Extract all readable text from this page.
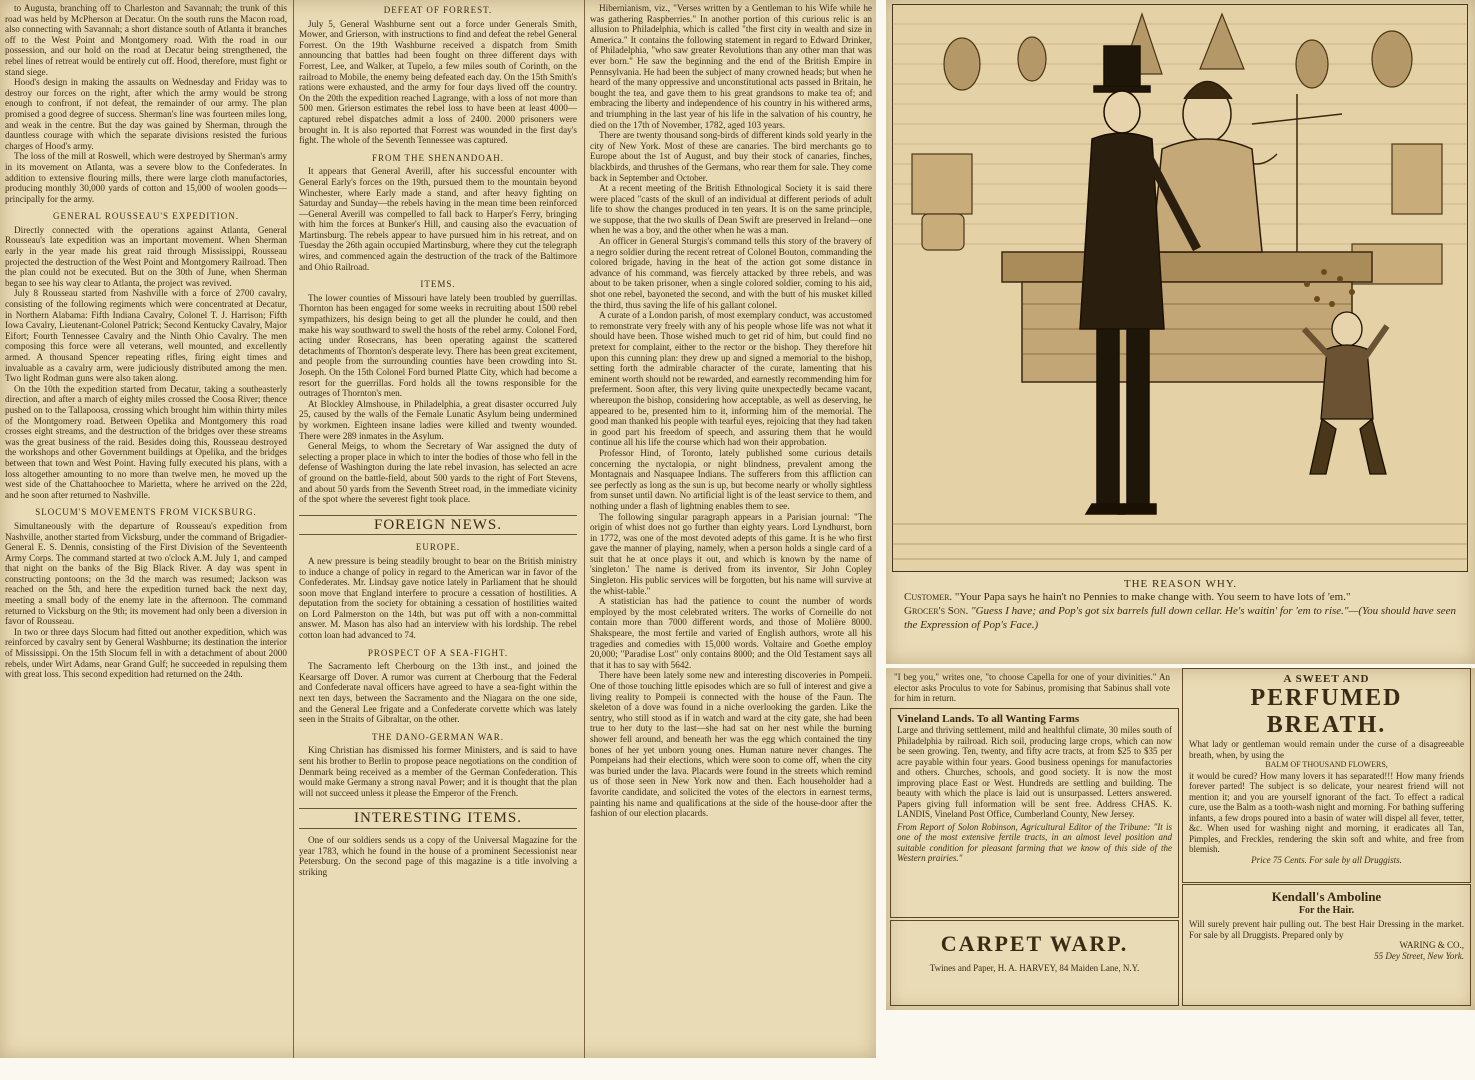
to Augusta, branching off to Charleston and Savannah; the trunk of this road was held by McPherson at Decatur. On the south runs the Macon road, also connecting with Savannah; a short distance south of Atlanta it branches off to the West Point and Montgomery road. With the road in our possession, and our hold on the road at Decatur being strengthened, the rebel lines of retreat would be entirely cut off. Hood, therefore, must fight or stand siege.

Hood's design in making the assaults on Wednesday and Friday was to destroy our forces on the right, after which the army would be strong enough to confront, if not defeat, the remainder of our army. The plan promised a good degree of success. Sherman's line was fourteen miles long, and weak in the centre. But the day was gained by Sherman, through the dauntless courage with which the separate divisions resisted the furious charges of Hood's army.

The loss of the mill at Roswell, which were destroyed by Sherman's army in its movement on Atlanta, was a severe blow to the Confederates. In addition to extensive flouring mills, there were large cloth manufactories, producing monthly 30,000 yards of cotton and 15,000 of woolen goods—principally for the army.

GENERAL ROUSSEAU'S EXPEDITION.

Directly connected with the operations against Atlanta, General Rousseau's late expedition was an important movement. When Sherman early in the year made his great raid through Mississippi, Rousseau projected the destruction of the West Point and Montgomery Railroad. Then the plan could not be executed. But on the 30th of June, when Sherman began to see his way clear to Atlanta, the project was revived.

July 8 Rousseau started from Nashville with a force of 2700 cavalry, consisting of the following regiments which were concentrated at Decatur, in Northern Alabama: Fifth Indiana Cavalry, Colonel T. J. Harrison; Fifth Iowa Cavalry, Lieutenant-Colonel Patrick; Second Kentucky Cavalry, Major Eifort; Fourth Tennessee Cavalry and the Ninth Ohio Cavalry. The men composing this force were all veterans, well mounted, and excellently armed. A thousand Spencer repeating rifles, firing eight times and invaluable as a cavalry arm, were judiciously distributed among the men. Two light Rodman guns were also taken along.

On the 10th the expedition started from Decatur, taking a southeasterly direction, and after a march of eighty miles crossed the Coosa River; thence pushed on to the Tallapoosa, crossing which brought him within thirty miles of the Montgomery road. Between Opelika and Montgomery this road crosses eight streams, and the destruction of the bridges over these streams was the great business of the raid. Besides doing this, Rousseau destroyed the workshops and other Government buildings at Opelika, and the bridges between that town and West Point. Having fully executed his plans, with a loss altogether amounting to no more than twelve men, he moved up the west side of the Chattahoochee to Marietta, where he arrived on the 22d, and he soon after returned to Nashville.

SLOCUM'S MOVEMENTS FROM VICKSBURG.

Simultaneously with the departure of Rousseau's expedition from Nashville, another started from Vicksburg, under the command of Brigadier-General E. S. Dennis, consisting of the First Division of the Seventeenth Army Corps. The command started at two o'clock A.M. July 1, and camped that night on the banks of the Big Black River. A day was spent in constructing pontoons; on the 3d the march was resumed; Jackson was reached on the 5th, and here the expedition turned back the next day, meeting a small body of the enemy late in the afternoon. The command returned to Vicksburg on the 9th; its movement had only been a diversion in favor of Rousseau.

In two or three days Slocum had fitted out another expedition, which was reinforced by cavalry sent by General Washburne; its destination the interior of Mississippi. On the 15th Slocum fell in with a detachment of about 2000 rebels, under Wirt Adams, near Grand Gulf; he succeeded in repulsing them with great loss. This second expedition had returned on the 24th.

DEFEAT OF FORREST.

July 5, General Washburne sent out a force under Generals Smith, Mower, and Grierson, with instructions to find and defeat the rebel General Forrest. On the 19th Washburne received a dispatch from Smith announcing that battles had been fought on three different days with Forrest, Lee, and Walker, at Tupelo, a few miles south of Corinth, on the railroad to Mobile, the enemy being defeated each day. On the 15th Smith's rations were exhausted, and the army for four days lived off the country. On the 20th the expedition reached Lagrange, with a loss of not more than 500 men. Grierson estimates the rebel loss to have been at least 4000—captured rebel dispatches admit a loss of 2400. 2000 prisoners were brought in. It is also reported that Forrest was wounded in the first day's fight. The whole of the Seventh Tennessee was captured.

FROM THE SHENANDOAH.

It appears that General Averill, after his successful encounter with General Early's forces on the 19th, pursued them to the mountain beyond Winchester, where Early made a stand, and after heavy fighting on Saturday and Sunday—the rebels having in the mean time been reinforced—General Averill was compelled to fall back to Harper's Ferry, bringing with him the forces at Bunker's Hill, and causing also the evacuation of Martinsburg. The rebels appear to have pursued him in his retreat, and on Tuesday the 26th again occupied Martinsburg, where they cut the telegraph wires, and commenced again the destruction of the track of the Baltimore and Ohio Railroad.

ITEMS.

The lower counties of Missouri have lately been troubled by guerrillas. Thornton has been engaged for some weeks in recruiting about 1500 rebel sympathizers, his design being to get all the plunder he could, and then make his way southward to swell the hosts of the rebel army. Colonel Ford, acting under Rosecrans, has been operating against the scattered detachments of Thornton's desperate levy. There has been great excitement, and people from the surrounding counties have been crowding into St. Joseph. On the 15th Colonel Ford burned Platte City, which had become a resort for the guerrillas. Ford holds all the towns responsible for the outrages of Thornton's men.

At Blockley Almshouse, in Philadelphia, a great disaster occurred July 25, caused by the walls of the Female Lunatic Asylum being undermined by workmen. Eighteen insane ladies were killed and twenty wounded. There were 289 inmates in the Asylum.

General Meigs, to whom the Secretary of War assigned the duty of selecting a proper place in which to inter the bodies of those who fell in the defense of Washington during the late rebel invasion, has selected an acre of ground on the battle-field, about 500 yards to the right of Fort Stevens, and about 50 yards from the Seventh Street road, in the immediate vicinity of the spot where the severest fight took place.

FOREIGN NEWS.
EUROPE.

A new pressure is being steadily brought to bear on the British ministry to induce a change of policy in regard to the American war in favor of the Confederates. Mr. Lindsay gave notice lately in Parliament that he should soon move that England interfere to procure a cessation of hostilities. A deputation from the society for obtaining a cessation of hostilities waited on Lord Palmerston on the 14th, but was put off with a non-committal answer. M. Mason has also had an interview with his lordship. The rebel cotton loan had advanced to 74.

PROSPECT OF A SEA-FIGHT.

The Sacramento left Cherbourg on the 13th inst., and joined the Kearsarge off Dover. A rumor was current at Cherbourg that the Federal and Confederate naval officers have agreed to have a sea-fight within the next ten days, between the Sacramento and the Niagara on the one side, and the General Lee frigate and a Confederate corvette which was lately seen in the Straits of Gibraltar, on the other.

THE DANO-GERMAN WAR.

King Christian has dismissed his former Ministers, and is said to have sent his brother to Berlin to propose peace negotiations on the condition of Denmark being received as a member of the German Confederation. This would make Germany a strong naval Power; and it is thought that the plan will not succeed unless it please the Emperor of the French.

INTERESTING ITEMS.

One of our soldiers sends us a copy of the Universal Magazine for the year 1783, which he found in the house of a prominent Secessionist near Petersburg. On the second page of this magazine is a title involving a striking

Hibernianism, viz., "Verses written by a Gentleman to his Wife while he was gathering Raspberries." In another portion of this curious relic is an allusion to Philadelphia, which is called "the first city in wealth and size in America." It contains the following statement in regard to Edward Drinker, of Philadelphia, "who saw greater Revolutions than any other man that was ever born." He saw the beginning and the end of the British Empire in Pennsylvania. He had been the subject of many crowned heads; but when he heard of the many oppressive and unconstitutional acts passed in Britain, he bought the tea, and gave them to his great grandsons to make tea of; and embracing the liberty and independence of his country in his withered arms, and triumphing in the last year of his life in the salvation of his country, he died on the 17th of November, 1782, aged 103 years.

There are twenty thousand song-birds of different kinds sold yearly in the city of New York. Most of these are canaries. The bird merchants go to Europe about the 1st of August, and buy their stock of canaries, finches, blackbirds, and thrushes of the Germans, who rear them for sale. They come back in September and October.

At a recent meeting of the British Ethnological Society it is said there were placed "casts of the skull of an individual at different periods of adult life to show the changes produced in ten years. It is on the same principle, we suppose, that the two skulls of Dean Swift are preserved in Ireland—one when he was a boy, and the other when he was a man.

An officer in General Sturgis's command tells this story of the bravery of a negro soldier during the recent retreat of Colonel Bouton, commanding the colored brigade, having in the heat of the action got some distance in advance of his command, was fiercely attacked by three rebels, and was about to be taken prisoner, when a single colored soldier, coming to his aid, shot one rebel, bayoneted the second, and with the butt of his musket killed the third, thus saving the life of his gallant colonel.

A curate of a London parish, of most exemplary conduct, was accustomed to remonstrate very freely with any of his people whose life was not what it should have been. Those wished much to get rid of him, but could find no pretext for complaint, either to the rector or the bishop. They therefore hit upon this cunning plan: they drew up and signed a memorial to the bishop, setting forth the admirable character of the curate, lamenting that his eminent worth should not be rewarded, and earnestly recommending him for preferment. Soon after, this very living quite unexpectedly became vacant, whereupon the bishop, considering how acceptable, as well as deserving, he appeared to be, presented him to it, informing him of the memorial. The good man thanked his people with tearful eyes, rejoicing that they had taken in good part his freedom of speech, and assuring them that he would continue all his life the course which had won their approbation.

Professor Hind, of Toronto, lately published some curious details concerning the nyctalopia, or night blindness, prevalent among the Montagnais and Nasquapee Indians. The sufferers from this affliction can see perfectly as long as the sun is up, but become nearly or wholly sightless from sunset until dawn. No artificial light is of the least service to them, and nothing under a flash of lightning enables them to see.

The following singular paragraph appears in a Parisian journal: "The origin of whist does not go further than eighty years. Lord Lyndhurst, born in 1772, was one of the most devoted adepts of this game. It is he who first gave the manner of playing, namely, when a person holds a single card of a suit that he at once plays it out, and which is known by the name of 'singleton.' The name is derived from its inventor, Sir John Copley Singleton. His public services will be forgotten, but his name will survive at the whist-table."

A statistician has had the patience to count the number of words employed by the most celebrated writers. The works of Corneille do not contain more than 7000 different words, and those of Molière 8000. Shakspeare, the most fertile and varied of English authors, wrote all his tragedies and comedies with 15,000 words. Voltaire and Goethe employ 20,000; "Paradise Lost" only contains 8000; and the Old Testament says all that it has to say with 5642.

There have been lately some new and interesting discoveries in Pompeii. One of those touching little episodes which are so full of interest and give a living reality to Pompeii is connected with the house of the Faun. The skeleton of a dove was found in a niche overlooking the garden. Like the sentry, who still stood as if in watch and ward at the city gate, she had been true to her duty to the last—she had sat on her nest while the burning shower fell around, and beneath her was the egg which contained the tiny bones of her yet unborn young ones. Human nature never changes. The Pompeians had their elections, which were soon to come off, when the city was buried under the lava. Placards were found in the streets which remind us of those seen in New York now and then. Each householder had a favorite candidate, and solicited the votes of the electors in earnest terms, painting his name and qualifications at the side of the house-door after the fashion of our election placards.

THE REASON WHY.
Customer. "Your Papa says he hain't no Pennies to make change with. You seem to have lots of 'em."
Grocer's Son. "Guess I have; and Pop's got six barrels full down cellar. He's waitin' for 'em to rise."—(You should have seen the Expression of Pop's Face.)
"I beg you," writes one, "to choose Capella for one of your divinities." An elector asks Proculus to vote for Sabinus, promising that Sabinus shall vote for him in return.
Vineland Lands. To all Wanting Farms
Large and thriving settlement, mild and healthful climate, 30 miles south of Philadelphia by railroad. Rich soil, producing large crops, which can now be seen growing. Ten, twenty, and fifty acre tracts, at from $25 to $35 per acre payable within four years. Good business openings for manufactories and others. Churches, schools, and good society. It is now the most improving place East or West. Hundreds are settling and building. The beauty with which the place is laid out is unsurpassed. Letters answered. Papers giving full information will be sent free. Address CHAS. K. LANDIS, Vineland Post Office, Cumberland County, New Jersey.
From Report of Solon Robinson, Agricultural Editor of the Tribune: "It is one of the most extensive fertile tracts, in an almost level position and suitable condition for pleasant farming that we know of this side of the Western prairies."
CARPET WARP.
Twines and Paper, H. A. HARVEY, 84 Maiden Lane, N.Y.
A SWEET AND
PERFUMED BREATH.
What lady or gentleman would remain under the curse of a disagreeable breath, when, by using the
BALM OF THOUSAND FLOWERS,
it would be cured? How many lovers it has separated!!! How many friends forever parted! The subject is so delicate, your nearest friend will not mention it; and you are yourself ignorant of the fact. To effect a radical cure, use the Balm as a tooth-wash night and morning. For bathing suffering infants, a few drops poured into a basin of water will dispel all fever, tetter, &c. When used for washing night and morning, it eradicates all Tan, Pimples, and Freckles, rendering the skin soft and white, and free from blemish.
Price 75 Cents. For sale by all Druggists.
Kendall's Amboline
For the Hair.
Will surely prevent hair pulling out. The best Hair Dressing in the market. For sale by all Druggists. Prepared only by
WARING & CO.,
55 Dey Street, New York.
